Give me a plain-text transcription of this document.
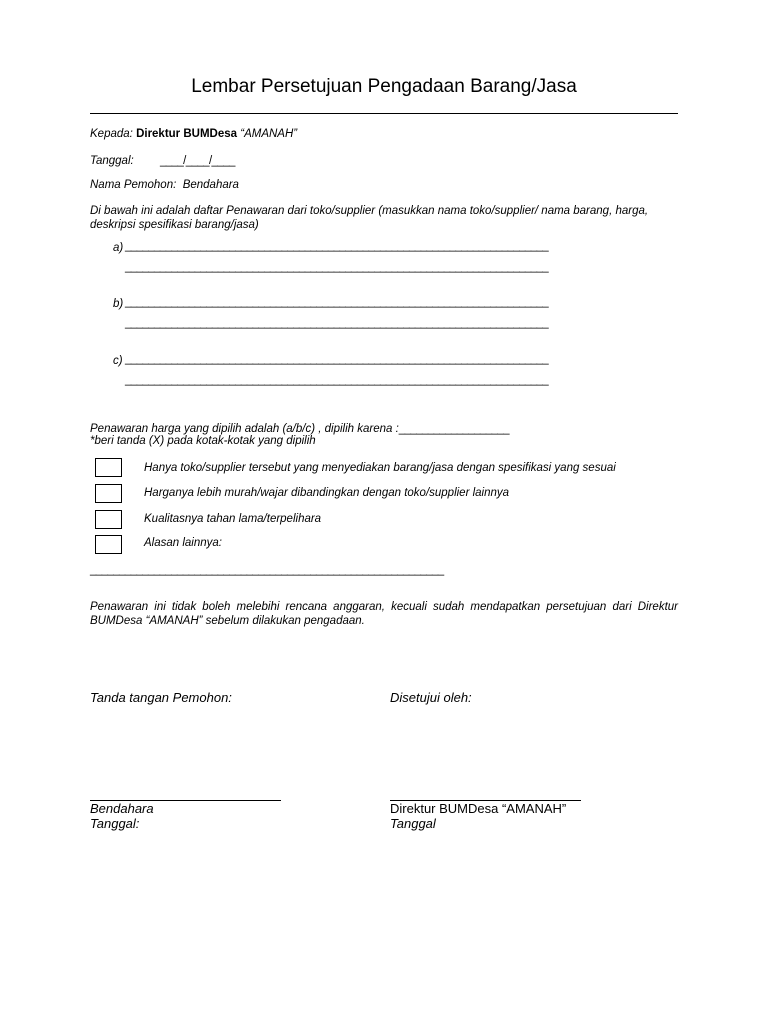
Lembar Persetujuan Pengadaan Barang/Jasa
Kepada: Direktur BUMDesa “AMANAH”
Tanggal: ____/____/____
Nama Pemohon: Bendahara
Di bawah ini adalah daftar Penawaran dari toko/supplier (masukkan nama toko/supplier/ nama barang, harga, deskripsi spesifikasi barang/jasa)
a) _________________________________________________________________________
_________________________________________________________________________
b) _________________________________________________________________________
_________________________________________________________________________
c) _________________________________________________________________________
_________________________________________________________________________
Penawaran harga yang dipilih adalah (a/b/c) , dipilih karena :___________________
*beri tanda (X) pada kotak-kotak yang dipilih
Hanya toko/supplier tersebut yang menyediakan barang/jasa dengan spesifikasi yang sesuai
Harganya lebih murah/wajar dibandingkan dengan toko/supplier lainnya
Kualitasnya tahan lama/terpelihara
Alasan lainnya:
_____________________________________________________________
Penawaran ini tidak boleh melebihi rencana anggaran, kecuali sudah mendapatkan persetujuan dari Direktur BUMDesa “AMANAH” sebelum dilakukan pengadaan.
Tanda tangan Pemohon:	Disetujui oleh:
Bendahara
Tanggal:
Direktur BUMDesa “AMANAH”
Tanggal
